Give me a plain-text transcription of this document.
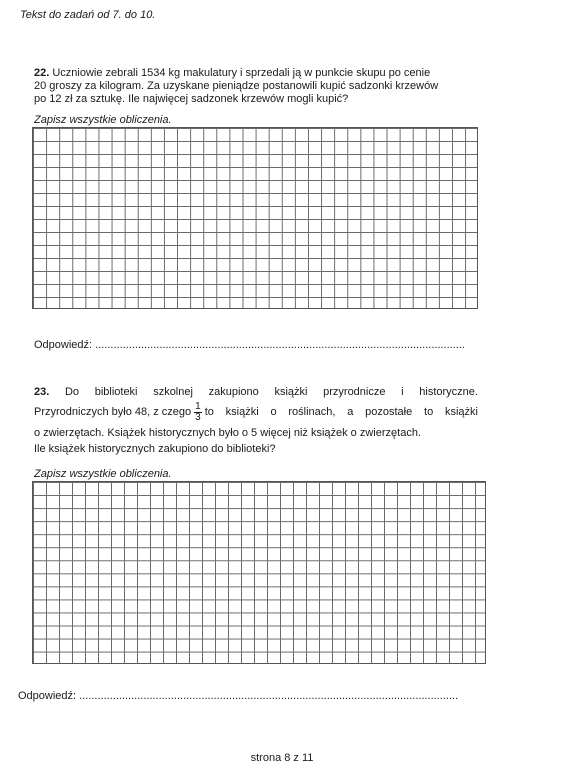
Tekst do zadań od 7. do 10.
22. Uczniowie zebrali 1534 kg makulatury i sprzedali ją w punkcie skupu po cenie
20 groszy za kilogram. Za uzyskane pieniądze postanowili kupić sadzonki krzewów
po 12 zł za sztukę. Ile najwięcej sadzonek krzewów mogli kupić?
Zapisz wszystkie obliczenia.
Odpowiedź: .........................................................................................................................
23. Do biblioteki szkolnej zakupiono książki przyrodnicze i historyczne.
Przyrodniczych było 48, z czego $\frac{1}{3}$ to książki o roślinach, a pozostałe to książki
o zwierzętach. Książek historycznych było o 5 więcej niż książek o zwierzętach.
Ile książek historycznych zakupiono do biblioteki?
Zapisz wszystkie obliczenia.
Odpowiedź: ............................................................................................................................
strona 8 z 11
